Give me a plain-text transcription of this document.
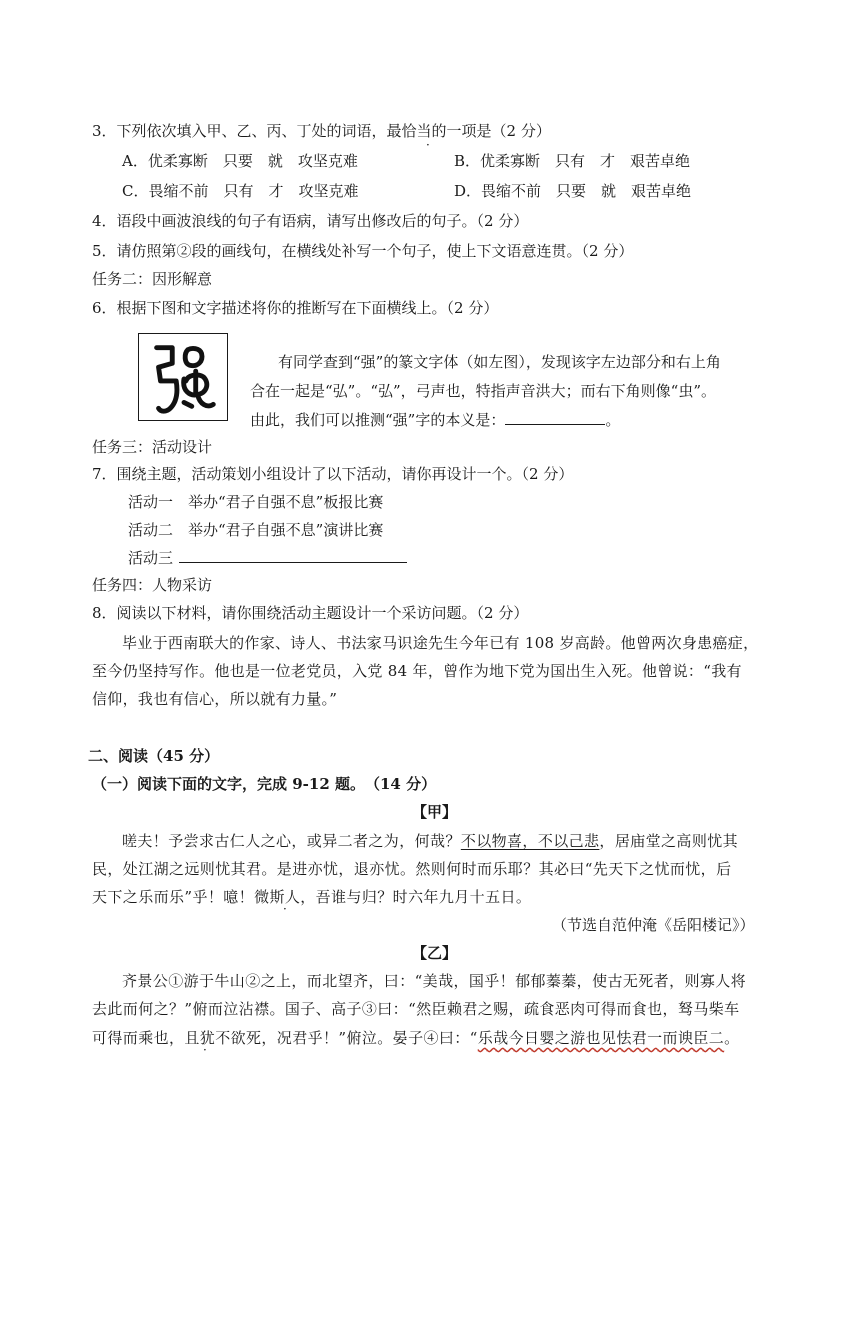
3．下列依次填入甲、乙、丙、丁处的词语，最恰当的一项是（2 分）
A．优柔寡断　只要　就　攻坚克难	B．优柔寡断　只有　才　艰苦卓绝
C．畏缩不前　只有　才　攻坚克难	D．畏缩不前　只要　就　艰苦卓绝
·
4．语段中画波浪线的句子有语病，请写出修改后的句子。（2 分）
5．请仿照第②段的画线句，在横线处补写一个句子，使上下文语意连贯。（2 分）
任务二：因形解意
6．根据下图和文字描述将你的推断写在下面横线上。（2 分）
有同学查到“强”的篆文字体（如左图），发现该字左边部分和右上角
合在一起是“弘”。“弘”，弓声也，特指声音洪大；而右下角则像“虫”。
由此，我们可以推测“强”字的本义是：	。
任务三：活动设计
7．围绕主题，活动策划小组设计了以下活动，请你再设计一个。（2 分）
活动一　举办“君子自强不息”板报比赛
活动二　举办“君子自强不息”演讲比赛
活动三
任务四：人物采访
8．阅读以下材料，请你围绕活动主题设计一个采访问题。（2 分）
毕业于西南联大的作家、诗人、书法家马识途先生今年已有 108 岁高龄。他曾两次身患癌症，
至今仍坚持写作。他也是一位老党员，入党 84 年，曾作为地下党为国出生入死。他曾说：“我有
信仰，我也有信心，所以就有力量。”
二、阅读（45 分）
（一）阅读下面的文字，完成 9-12 题。　（14 分）
【甲】
嗟夫！予尝求古仁人之心，或异二者之为，何哉？不以物喜，不以己悲，居庙堂之高则忧其
民，处江湖之远则忧其君。是进亦忧，退亦忧。然则何时而乐耶？其必曰“先天下之忧而忧，后
天下之乐而乐”乎！噫！微斯人，吾谁与归？时六年九月十五日。
·
（节选自范仲淹《岳阳楼记》）
【乙】
齐景公①游于牛山②之上，而北望齐，曰：“美哉，国乎！郁郁蓁蓁，使古无死者，则寡人将
去此而何之？”俯而泣沾襟。国子、高子③曰：“然臣赖君之赐，疏食恶肉可得而食也，驽马柴车
可得而乘也，且犹不欲死，况君乎！”俯泣。晏子④曰：“乐哉今日婴之游也见怯君一而谀臣二。
·
